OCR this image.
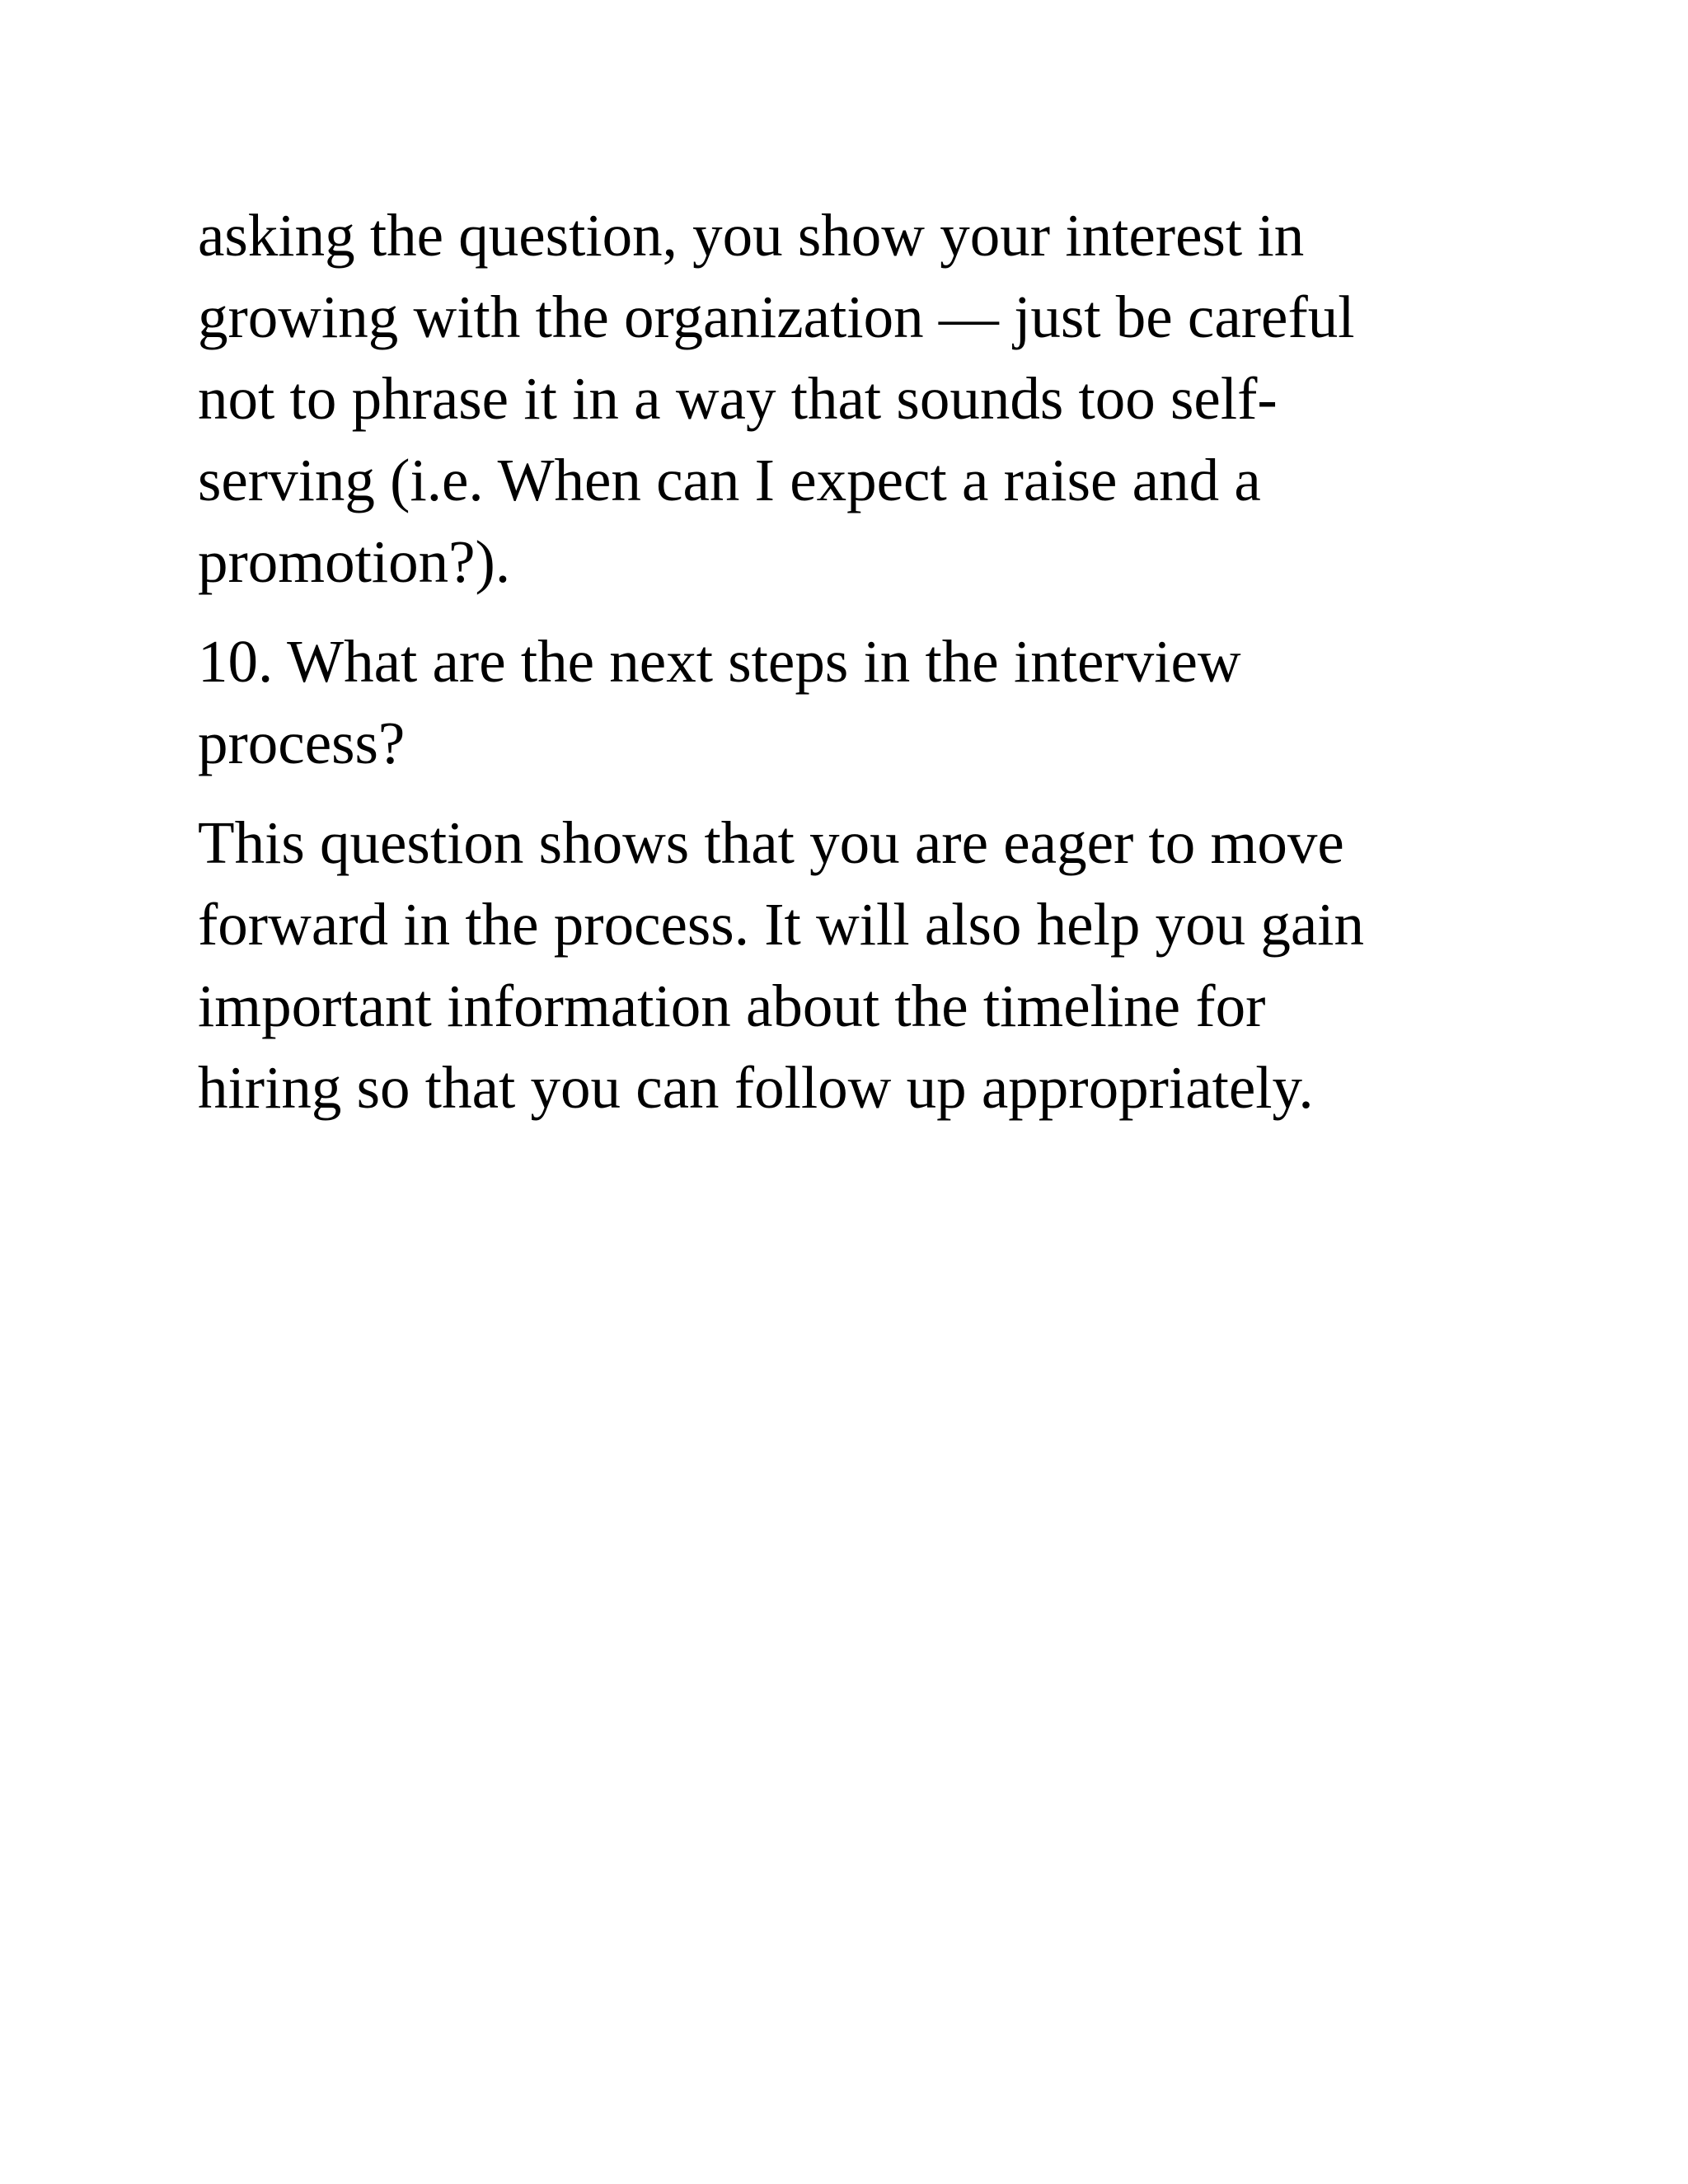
asking the question, you show your interest in
growing with the organization — just be careful
not to phrase it in a way that sounds too self-
serving (i.e. When can I expect a raise and a
promotion?).
10. What are the next steps in the interview
process?
This question shows that you are eager to move
forward in the process. It will also help you gain
important information about the timeline for
hiring so that you can follow up appropriately.
